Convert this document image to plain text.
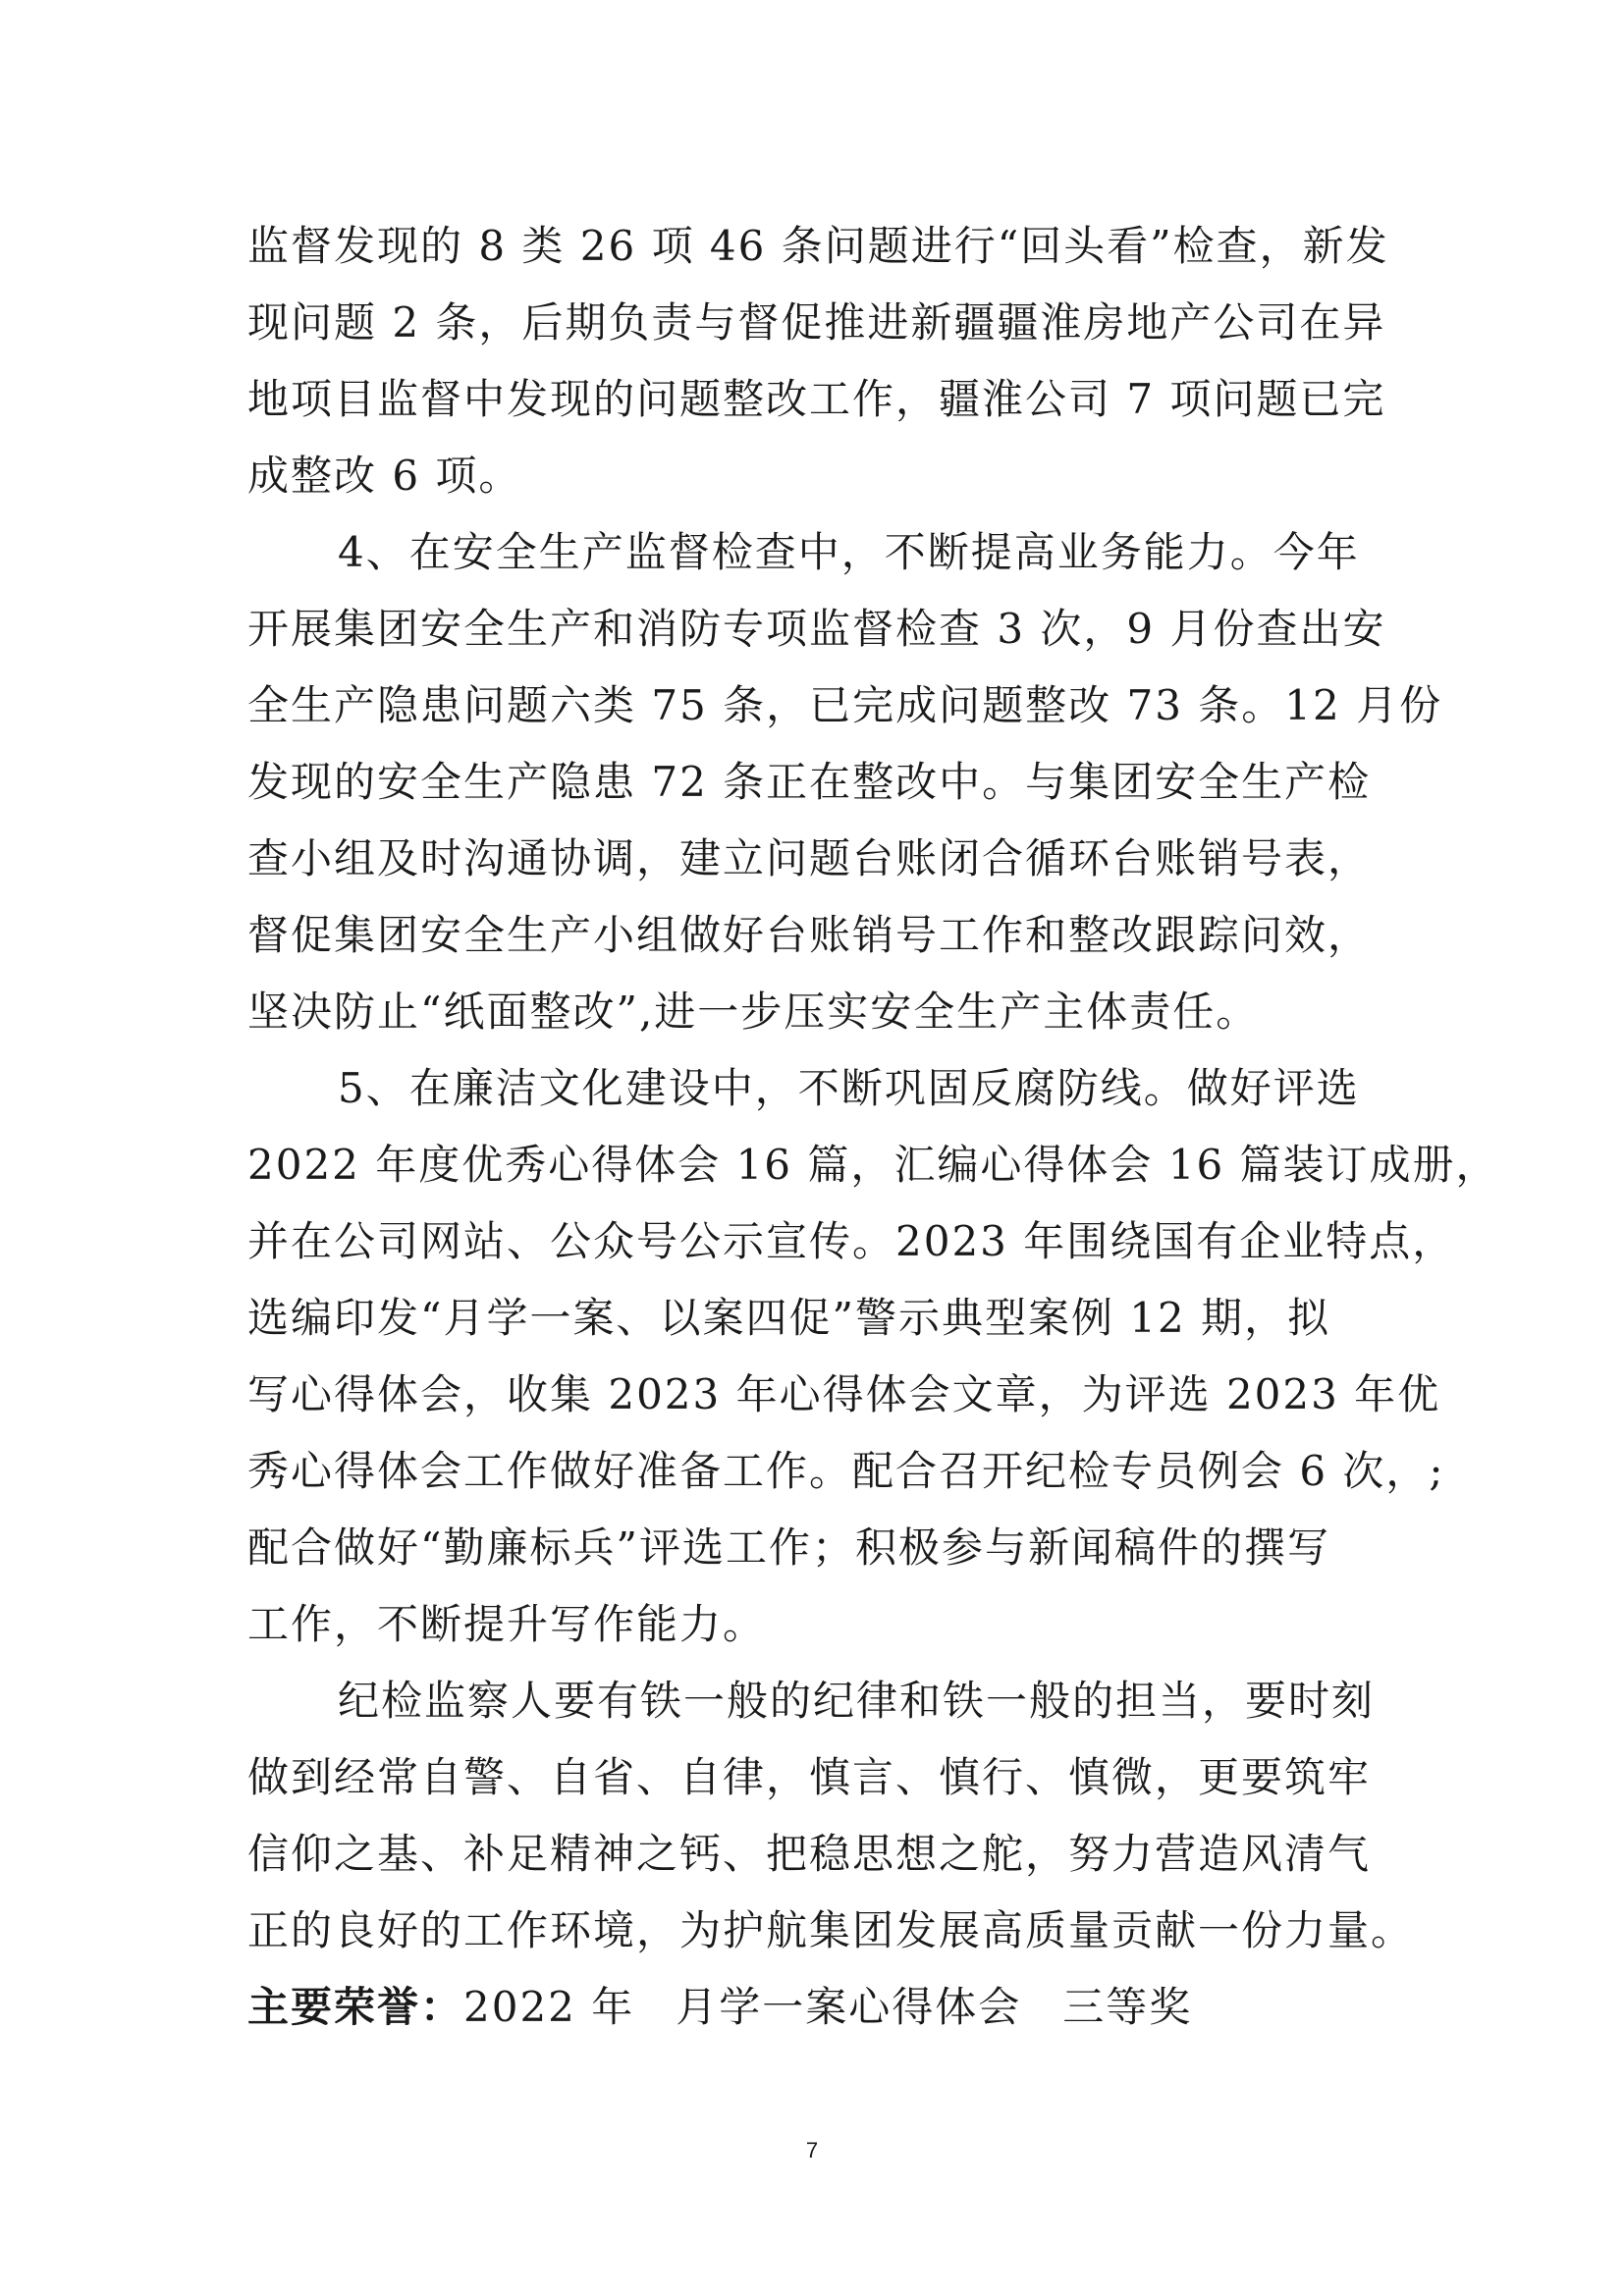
监督发现的 8 类 26 项 46 条问题进行“回头看”检查，新发
现问题 2 条，后期负责与督促推进新疆疆淮房地产公司在异
地项目监督中发现的问题整改工作，疆淮公司 7 项问题已完
成整改 6 项。

4、在安全生产监督检查中，不断提高业务能力。今年
开展集团安全生产和消防专项监督检查 3 次，9 月份查出安
全生产隐患问题六类 75 条，已完成问题整改 73 条。12 月份
发现的安全生产隐患 72 条正在整改中。与集团安全生产检
查小组及时沟通协调，建立问题台账闭合循环台账销号表，
督促集团安全生产小组做好台账销号工作和整改跟踪问效，
坚决防止“纸面整改”,进一步压实安全生产主体责任。

5、在廉洁文化建设中，不断巩固反腐防线。做好评选
2022 年度优秀心得体会 16 篇，汇编心得体会 16 篇装订成册，
并在公司网站、公众号公示宣传。2023 年围绕国有企业特点，
选编印发“月学一案、以案四促”警示典型案例 12 期，拟
写心得体会，收集 2023 年心得体会文章，为评选 2023 年优
秀心得体会工作做好准备工作。配合召开纪检专员例会 6 次，;
配合做好“勤廉标兵”评选工作；积极参与新闻稿件的撰写
工作，不断提升写作能力。

纪检监察人要有铁一般的纪律和铁一般的担当，要时刻
做到经常自警、自省、自律，慎言、慎行、慎微，更要筑牢
信仰之基、补足精神之钙、把稳思想之舵，努力营造风清气
正的良好的工作环境，为护航集团发展高质量贡献一份力量。

主要荣誉：2022 年 月学一案心得体会 三等奖

7
